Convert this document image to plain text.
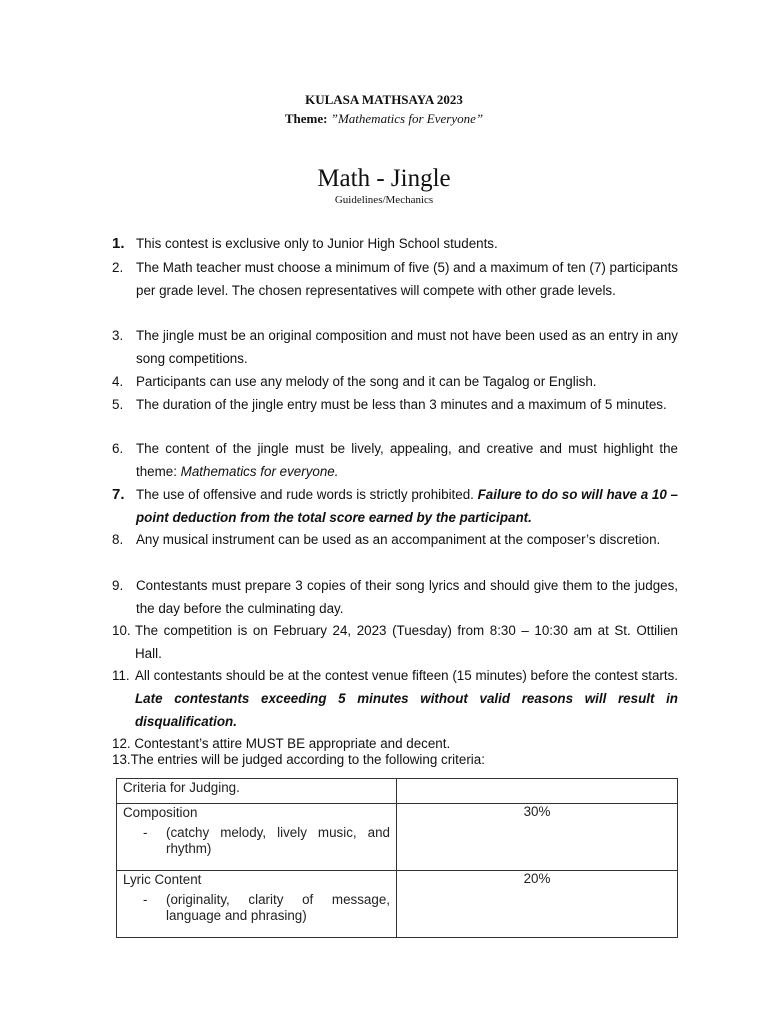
KULASA MATHSAYA 2023
Theme: ”Mathematics for Everyone”
Math - Jingle
Guidelines/Mechanics
1. This contest is exclusive only to Junior High School students.
2. The Math teacher must choose a minimum of five (5) and a maximum of ten (7) participants per grade level. The chosen representatives will compete with other grade levels.
3. The jingle must be an original composition and must not have been used as an entry in any song competitions.
4. Participants can use any melody of the song and it can be Tagalog or English.
5. The duration of the jingle entry must be less than 3 minutes and a maximum of 5 minutes.
6. The content of the jingle must be lively, appealing, and creative and must highlight the theme: Mathematics for everyone.
7. The use of offensive and rude words is strictly prohibited. Failure to do so will have a 10 – point deduction from the total score earned by the participant.
8. Any musical instrument can be used as an accompaniment at the composer’s discretion.
9. Contestants must prepare 3 copies of their song lyrics and should give them to the judges, the day before the culminating day.
10. The competition is on February 24, 2023 (Tuesday) from 8:30 – 10:30 am at St. Ottilien Hall.
11. All contestants should be at the contest venue fifteen (15 minutes) before the contest starts. Late contestants exceeding 5 minutes without valid reasons will result in disqualification.
12. Contestant’s attire MUST BE appropriate and decent.
13.The entries will be judged according to the following criteria:
Criteria for Judging.	

Composition
- (catchy melody, lively music, and rhythm)	30%

Lyric Content
- (originality, clarity of message, language and phrasing)	20%
